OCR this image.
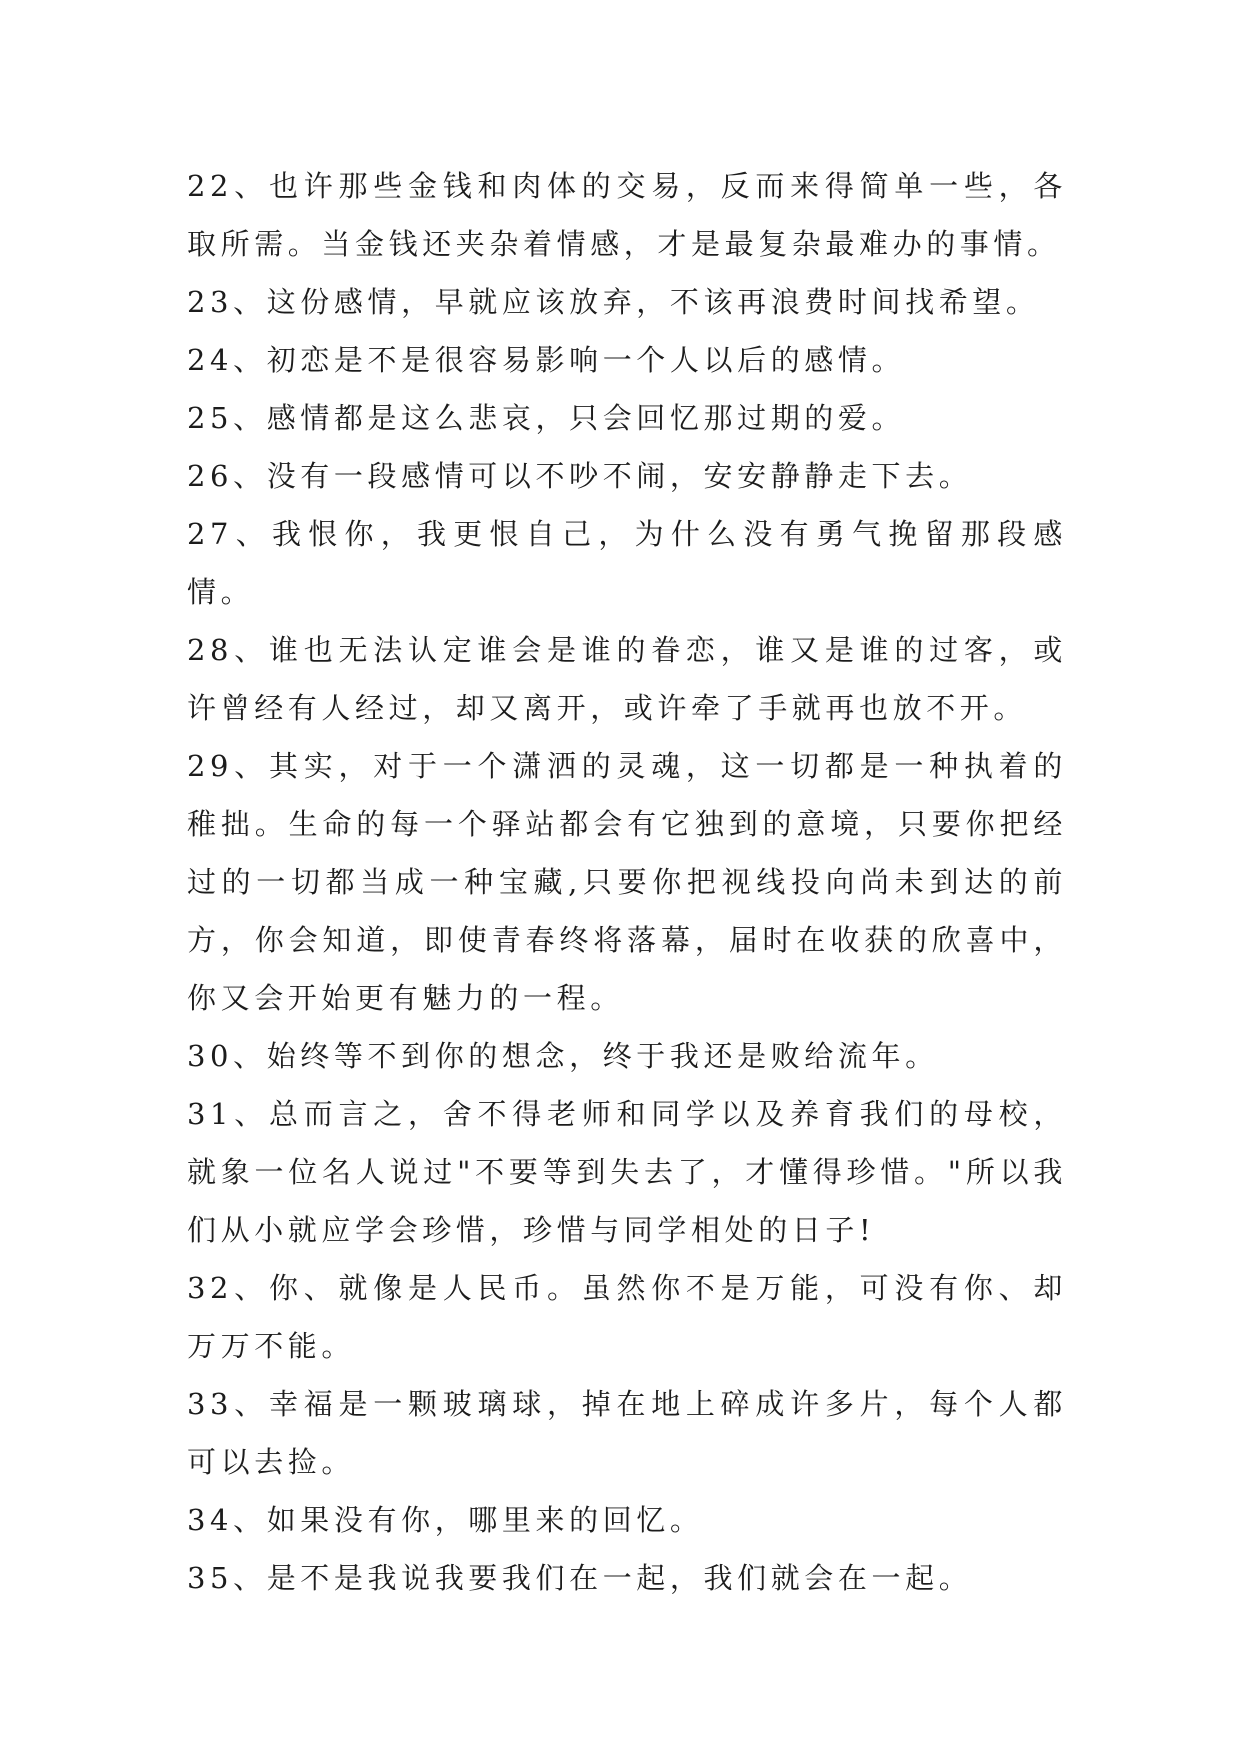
22、也许那些金钱和肉体的交易，反而来得简单一些，各取所需。当金钱还夹杂着情感，才是最复杂最难办的事情。

23、这份感情，早就应该放弃，不该再浪费时间找希望。

24、初恋是不是很容易影响一个人以后的感情。

25、感情都是这么悲哀，只会回忆那过期的爱。

26、没有一段感情可以不吵不闹，安安静静走下去。

27、我恨你，我更恨自己，为什么没有勇气挽留那段感情。

28、谁也无法认定谁会是谁的眷恋，谁又是谁的过客，或许曾经有人经过，却又离开，或许牵了手就再也放不开。

29、其实，对于一个潇洒的灵魂，这一切都是一种执着的稚拙。生命的每一个驿站都会有它独到的意境，只要你把经过的一切都当成一种宝藏,只要你把视线投向尚未到达的前方，你会知道，即使青春终将落幕，届时在收获的欣喜中，你又会开始更有魅力的一程。

30、始终等不到你的想念，终于我还是败给流年。

31、总而言之，舍不得老师和同学以及养育我们的母校，就象一位名人说过"不要等到失去了，才懂得珍惜。"所以我们从小就应学会珍惜，珍惜与同学相处的日子!

32、你、就像是人民币。虽然你不是万能，可没有你、却万万不能。

33、幸福是一颗玻璃球，掉在地上碎成许多片，每个人都可以去捡。

34、如果没有你，哪里来的回忆。

35、是不是我说我要我们在一起，我们就会在一起。
